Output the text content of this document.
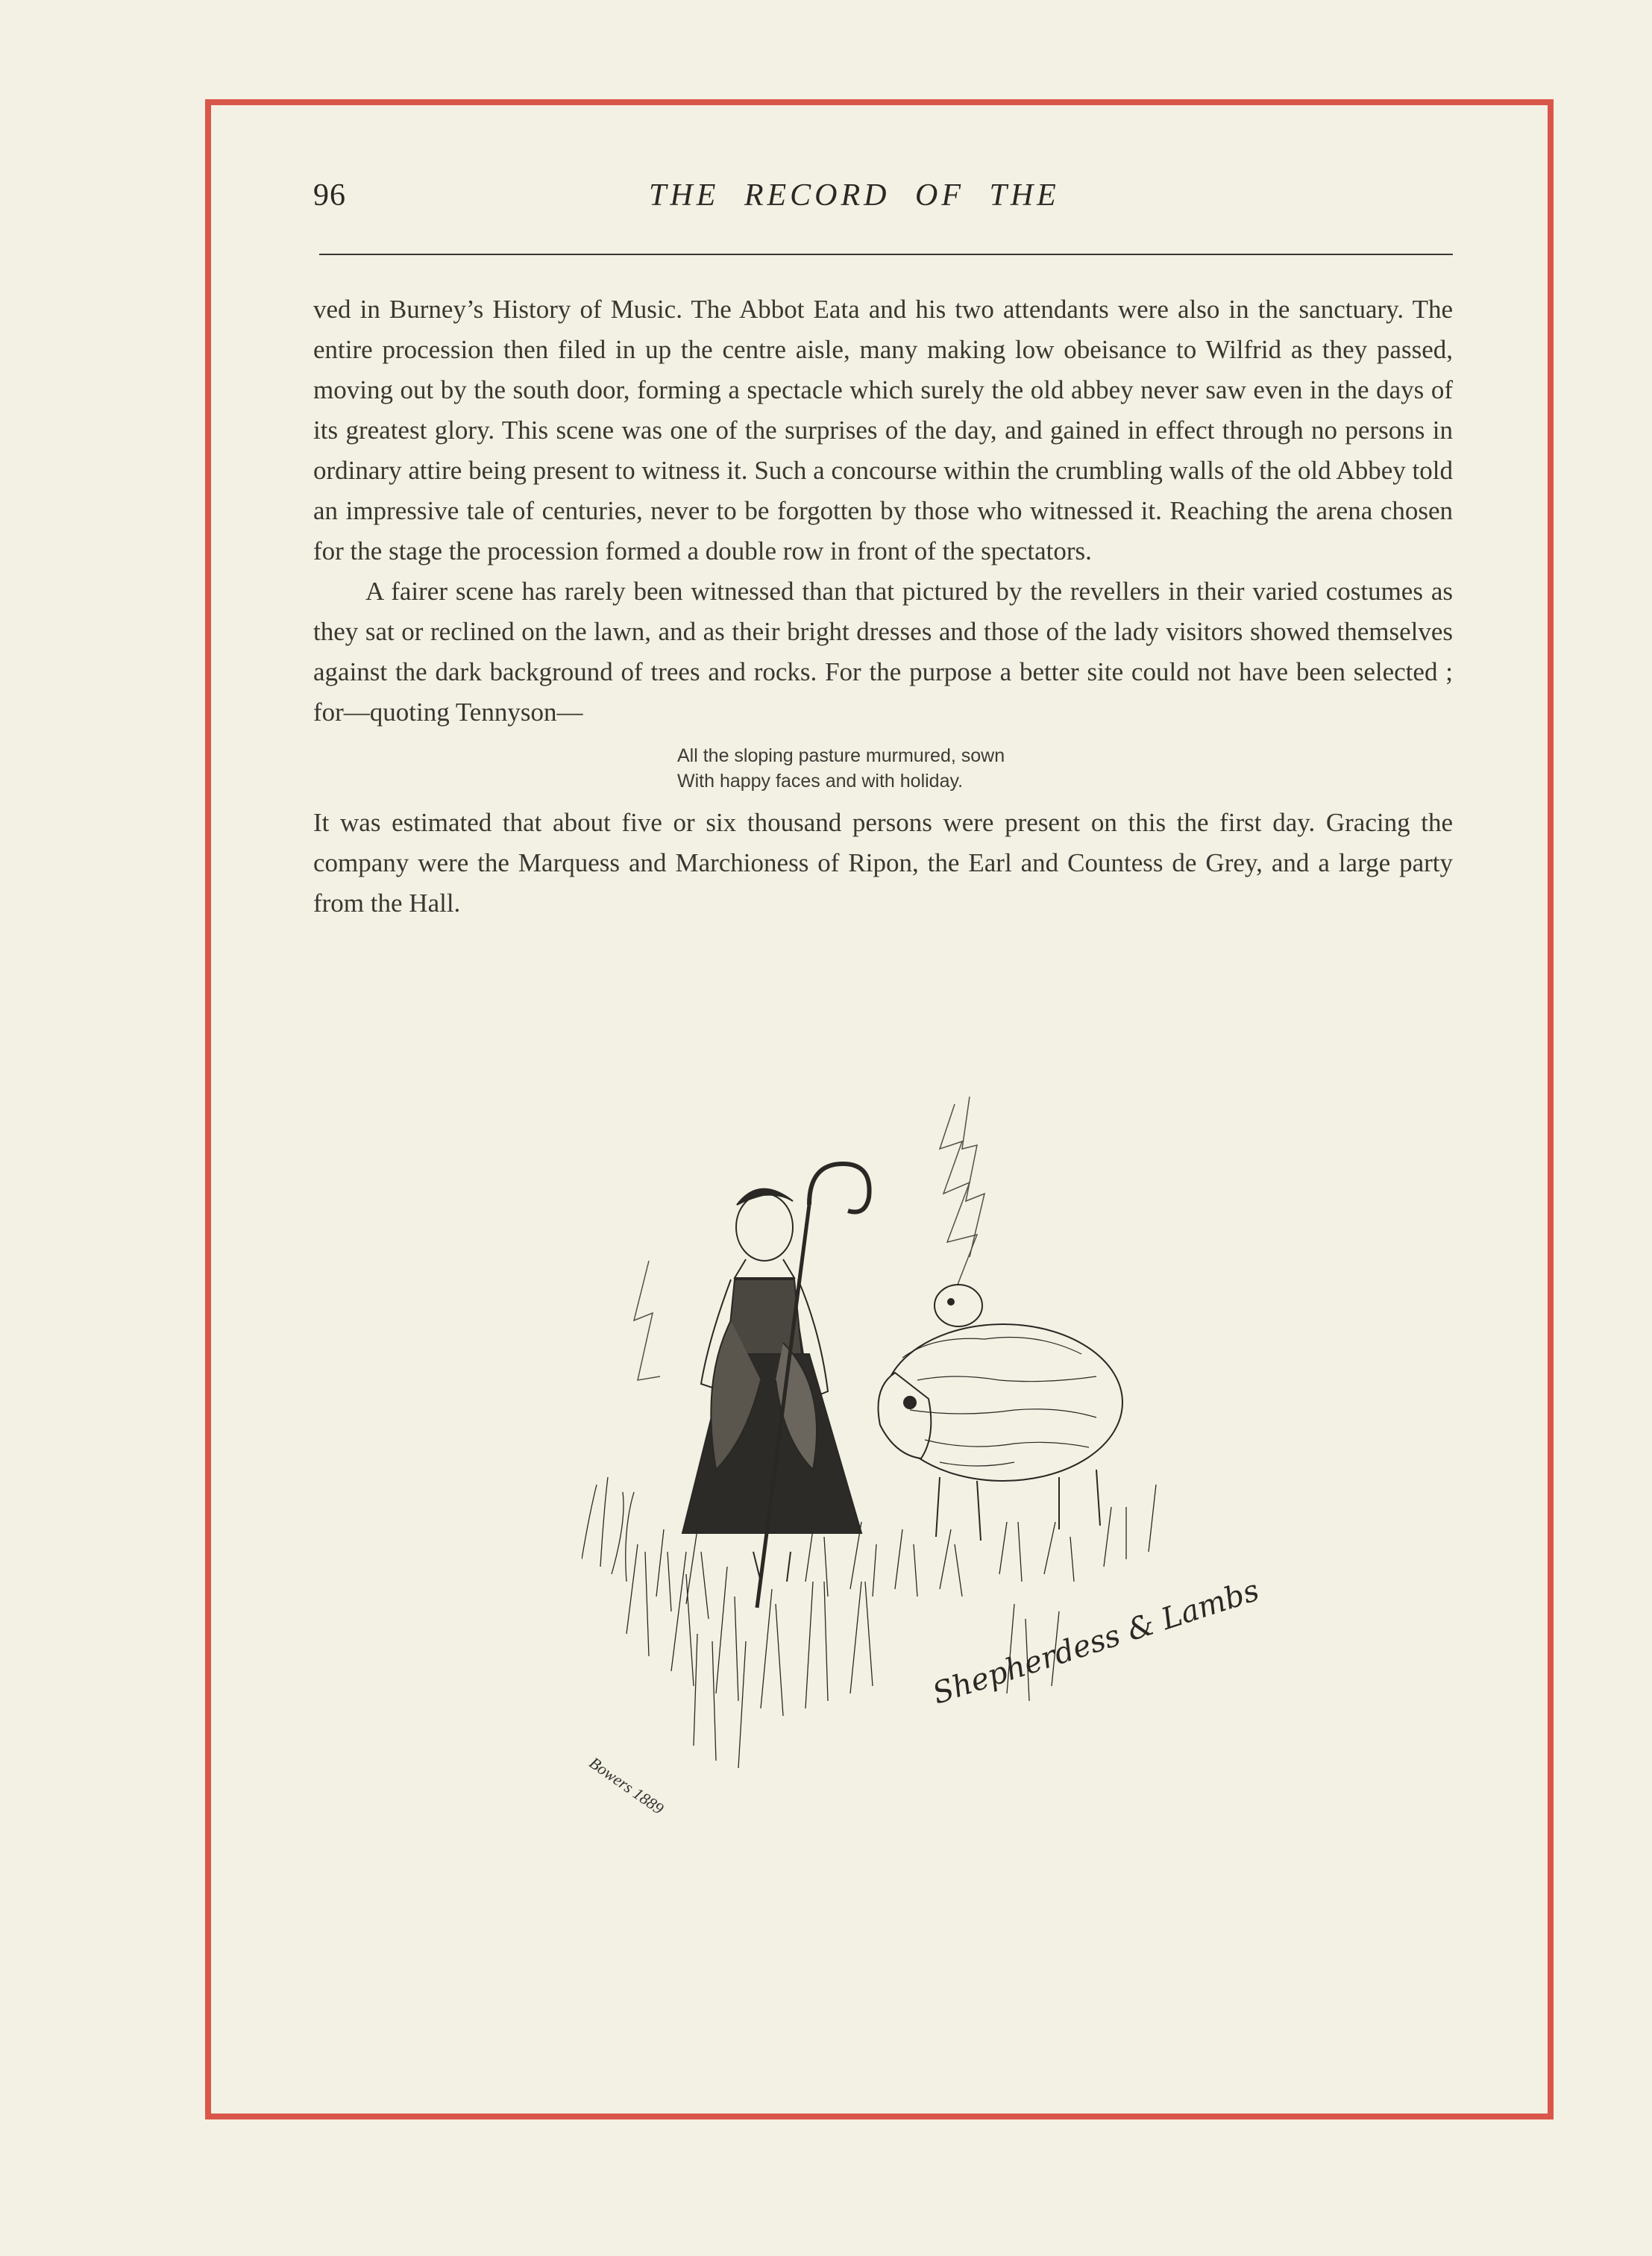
96	THE RECORD OF THE

ved in Burney’s History of Music. The Abbot Eata and his two attendants were also in the sanctuary. The entire procession then filed in up the centre aisle, many making low obeisance to Wilfrid as they passed, moving out by the south door, forming a spectacle which surely the old abbey never saw even in the days of its greatest glory. This scene was one of the surprises of the day, and gained in effect through no persons in ordinary attire being present to witness it. Such a concourse within the crumbling walls of the old Abbey told an impressive tale of centuries, never to be forgotten by those who witnessed it. Reaching the arena chosen for the stage the procession formed a double row in front of the spectators.

A fairer scene has rarely been witnessed than that pictured by the revellers in their varied costumes as they sat or reclined on the lawn, and as their bright dresses and those of the lady visitors showed themselves against the dark background of trees and rocks. For the purpose a better site could not have been selected ; for—quoting Tennyson—

All the sloping pasture murmured, sown
With happy faces and with holiday.

It was estimated that about five or six thousand persons were present on this the first day. Gracing the company were the Marquess and Marchioness of Ripon, the Earl and Countess de Grey, and a large party from the Hall.

Bowers 1889
Shepherdess & Lambs
